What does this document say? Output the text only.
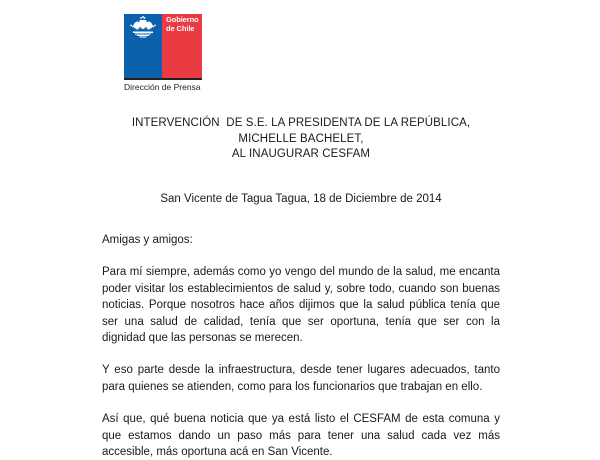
Gobierno
de Chile
Dirección de Prensa
INTERVENCIÓN  DE S.E. LA PRESIDENTA DE LA REPÚBLICA,
MICHELLE BACHELET,
AL INAUGURAR CESFAM
San Vicente de Tagua Tagua, 18 de Diciembre de 2014

Amigas y amigos:

Para mí siempre, además como yo vengo del mundo de la salud, me encanta poder visitar los establecimientos de salud y, sobre todo, cuando son buenas noticias. Porque nosotros hace años dijimos que la salud pública tenía que ser una salud de calidad, tenía que ser oportuna, tenía que ser con la dignidad que las personas se merecen.

Y eso parte desde la infraestructura, desde tener lugares adecuados, tanto para quienes se atienden, como para los funcionarios que trabajan en ello.

Así que, qué buena noticia que ya está listo el CESFAM de esta comuna y que estamos dando un paso más para tener una salud cada vez más accesible, más oportuna acá en San Vicente.
